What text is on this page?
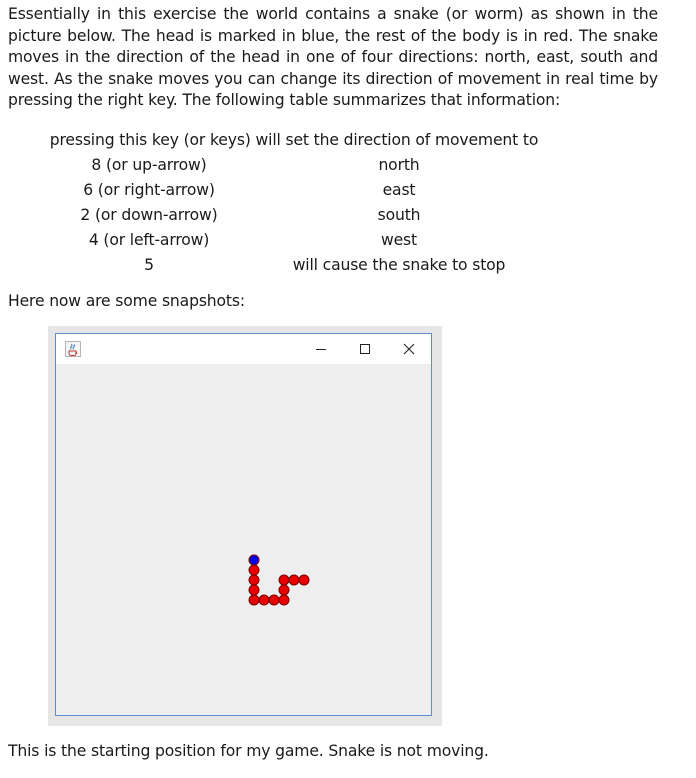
Essentially in this exercise the world contains a snake (or worm) as shown in the picture below. The head is marked in blue, the rest of the body is in red. The snake moves in the direction of the head in one of four directions: north, east, south and west. As the snake moves you can change its direction of movement in real time by pressing the right key. The following table summarizes that information:

pressing this key (or keys) will set the direction of movement to	
8 (or up-arrow)	north
6 (or right-arrow)	east
2 (or down-arrow)	south
4 (or left-arrow)	west
5	will cause the snake to stop

Here now are some snapshots:

This is the starting position for my game. Snake is not moving.
